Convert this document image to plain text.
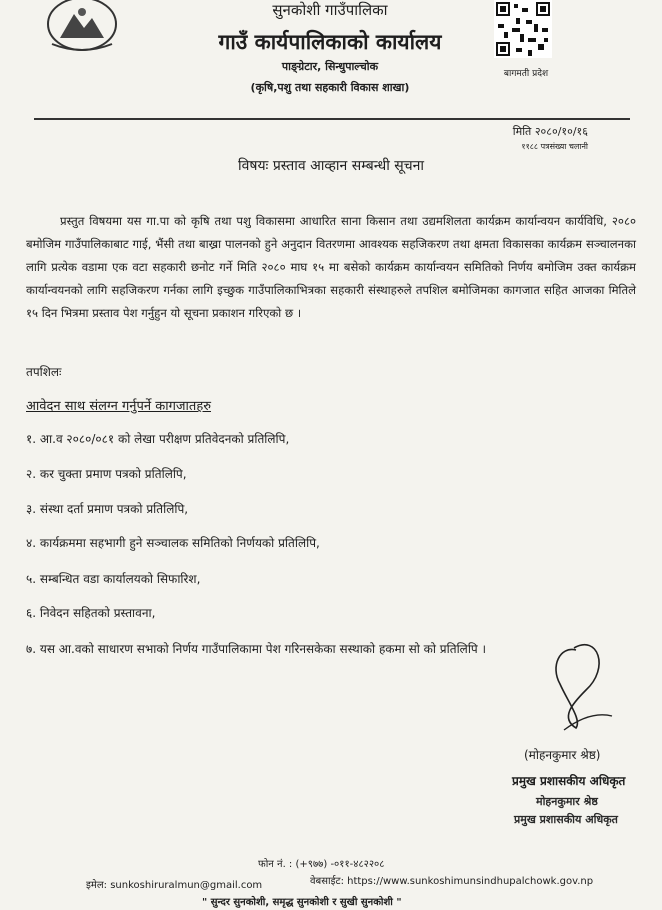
बागमती प्रदेश
सुनकोशी गाउँपालिका
गाउँ कार्यपालिकाको कार्यालय
पाङ्ग्रेटार, सिन्धुपाल्चोक
(कृषि,पशु तथा सहकारी विकास शाखा)
मिति २०८०/१०/१६
११८८ पत्रसंख्या चलानी
विषयः प्रस्ताव आव्हान सम्बन्धी सूचना
प्रस्तुत विषयमा यस गा.पा को कृषि तथा पशु विकासमा आधारित साना किसान तथा उद्यमशिलता कार्यक्रम कार्यान्वयन कार्यविधि, २०८० बमोजिम गाउँपालिकाबाट गाई, भैंसी तथा बाख्रा पालनको हुने अनुदान वितरणमा आवश्यक सहजिकरण तथा क्षमता विकासका कार्यक्रम सञ्चालनका लागि प्रत्येक वडामा एक वटा सहकारी छनोट गर्ने मिति २०८० माघ १५ मा बसेको कार्यक्रम कार्यान्वयन समितिको निर्णय बमोजिम उक्त कार्यक्रम कार्यान्वयनको लागि सहजिकरण गर्नका लागि इच्छुक गाउँपालिकाभित्रका सहकारी संस्थाहरुले तपशिल बमोजिमका कागजात सहित आजका मितिले १५ दिन भित्रमा प्रस्ताव पेश गर्नुहुन यो सूचना प्रकाशन गरिएको छ ।
तपशिलः
आवेदन साथ संलग्न गर्नुपर्ने कागजातहरु
१. आ.व २०८०/०८१ को लेखा परीक्षण प्रतिवेदनको प्रतिलिपि,
२. कर चुक्ता प्रमाण पत्रको प्रतिलिपि,
३. संस्था दर्ता प्रमाण पत्रको प्रतिलिपि,
४. कार्यक्रममा सहभागी हुने सञ्चालक समितिको निर्णयको प्रतिलिपि,
५. सम्बन्धित वडा कार्यालयको सिफारिश,
६. निवेदन सहितको प्रस्तावना,
७. यस आ.वको साधारण सभाको निर्णय गाउँपालिकामा पेश गरिनसकेका सस्थाको हकमा सो को प्रतिलिपि ।
(मोहनकुमार श्रेष्ठ)
प्रमुख प्रशासकीय अधिकृत
मोहनकुमार श्रेष्ठ
प्रमुख प्रशासकीय अधिकृत
फोन नं. : (+९७७) -०११-४८२२०८
इमेल: sunkoshiruralmun@gmail.com	वेबसाईट: https://www.sunkoshimunsindhupalchowk.gov.np
" सुन्दर सुनकोशी, समृद्ध सुनकोशी र सुखी सुनकोशी "
